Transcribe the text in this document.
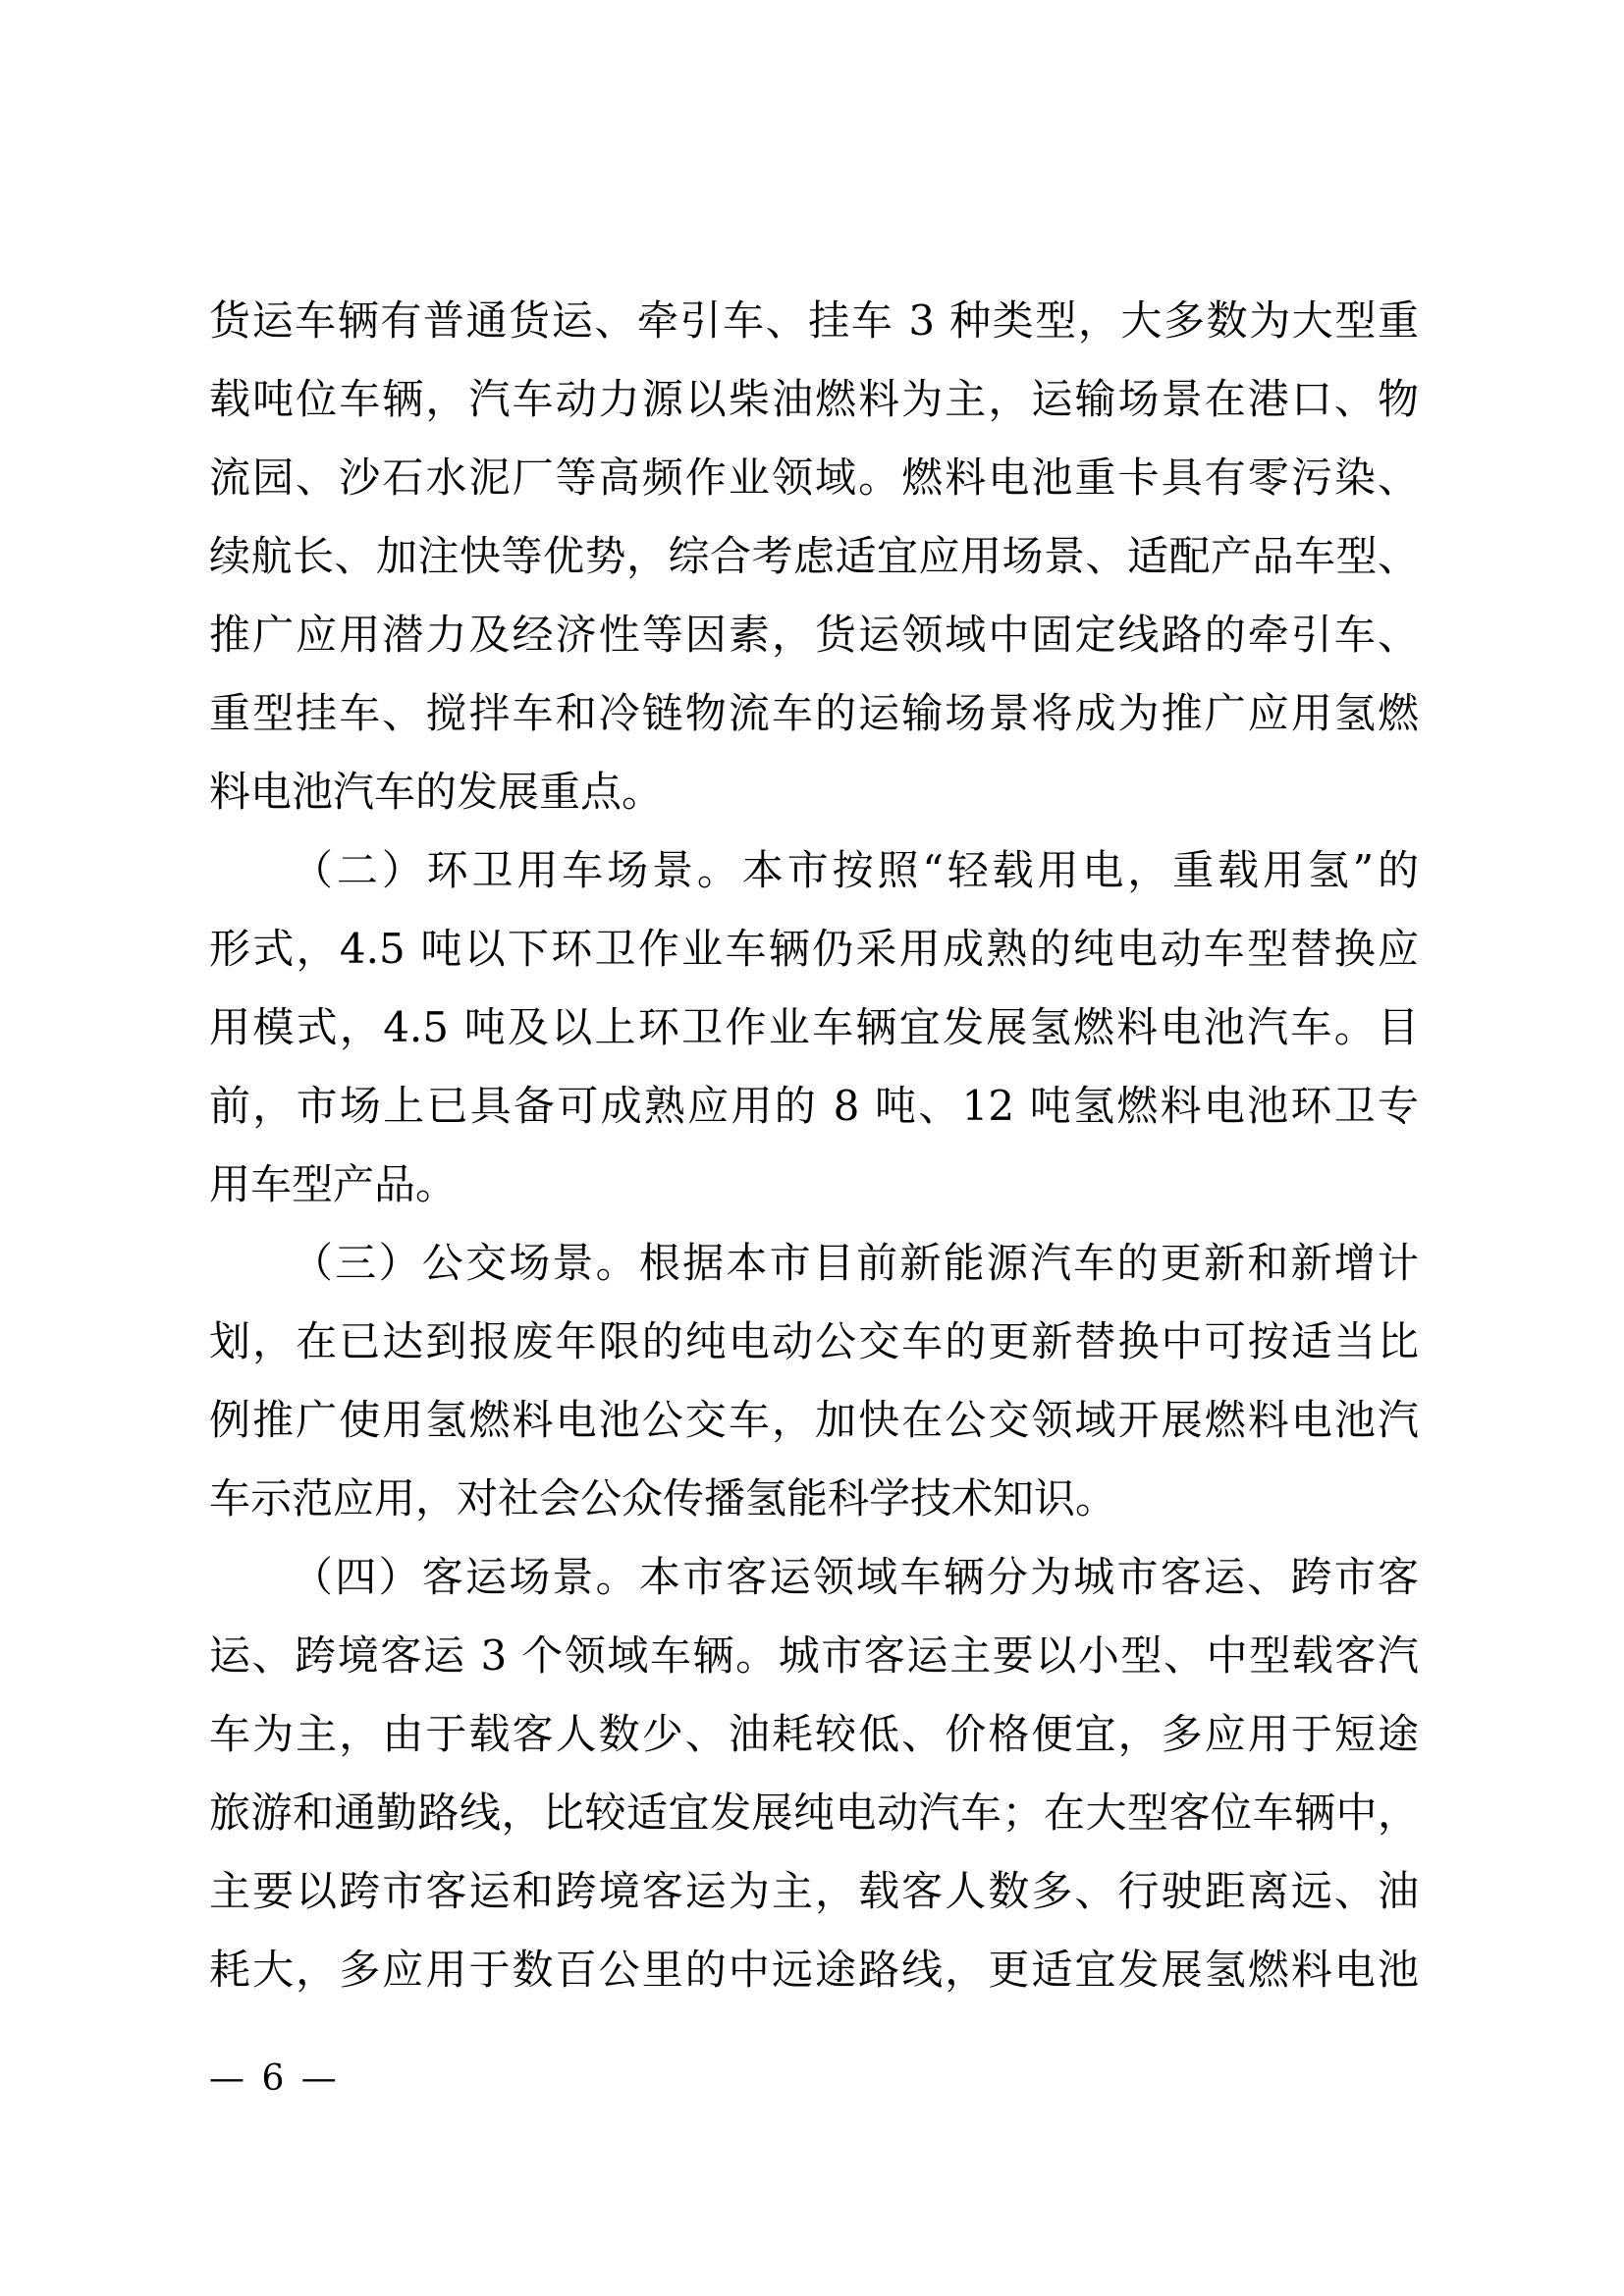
货运车辆有普通货运、牵引车、挂车 3 种类型，大多数为大型重
载吨位车辆，汽车动力源以柴油燃料为主，运输场景在港口、物
流园、沙石水泥厂等高频作业领域。燃料电池重卡具有零污染、
续航长、加注快等优势，综合考虑适宜应用场景、适配产品车型、
推广应用潜力及经济性等因素，货运领域中固定线路的牵引车、
重型挂车、搅拌车和冷链物流车的运输场景将成为推广应用氢燃
料电池汽车的发展重点。
（二）环卫用车场景。本市按照“轻载用电，重载用氢”的
形式，4.5 吨以下环卫作业车辆仍采用成熟的纯电动车型替换应
用模式，4.5 吨及以上环卫作业车辆宜发展氢燃料电池汽车。目
前，市场上已具备可成熟应用的 8 吨、12 吨氢燃料电池环卫专
用车型产品。
（三）公交场景。根据本市目前新能源汽车的更新和新增计
划，在已达到报废年限的纯电动公交车的更新替换中可按适当比
例推广使用氢燃料电池公交车，加快在公交领域开展燃料电池汽
车示范应用，对社会公众传播氢能科学技术知识。
（四）客运场景。本市客运领域车辆分为城市客运、跨市客
运、跨境客运 3 个领域车辆。城市客运主要以小型、中型载客汽
车为主，由于载客人数少、油耗较低、价格便宜，多应用于短途
旅游和通勤路线，比较适宜发展纯电动汽车；在大型客位车辆中，
主要以跨市客运和跨境客运为主，载客人数多、行驶距离远、油
耗大，多应用于数百公里的中远途路线，更适宜发展氢燃料电池
— 6 —
